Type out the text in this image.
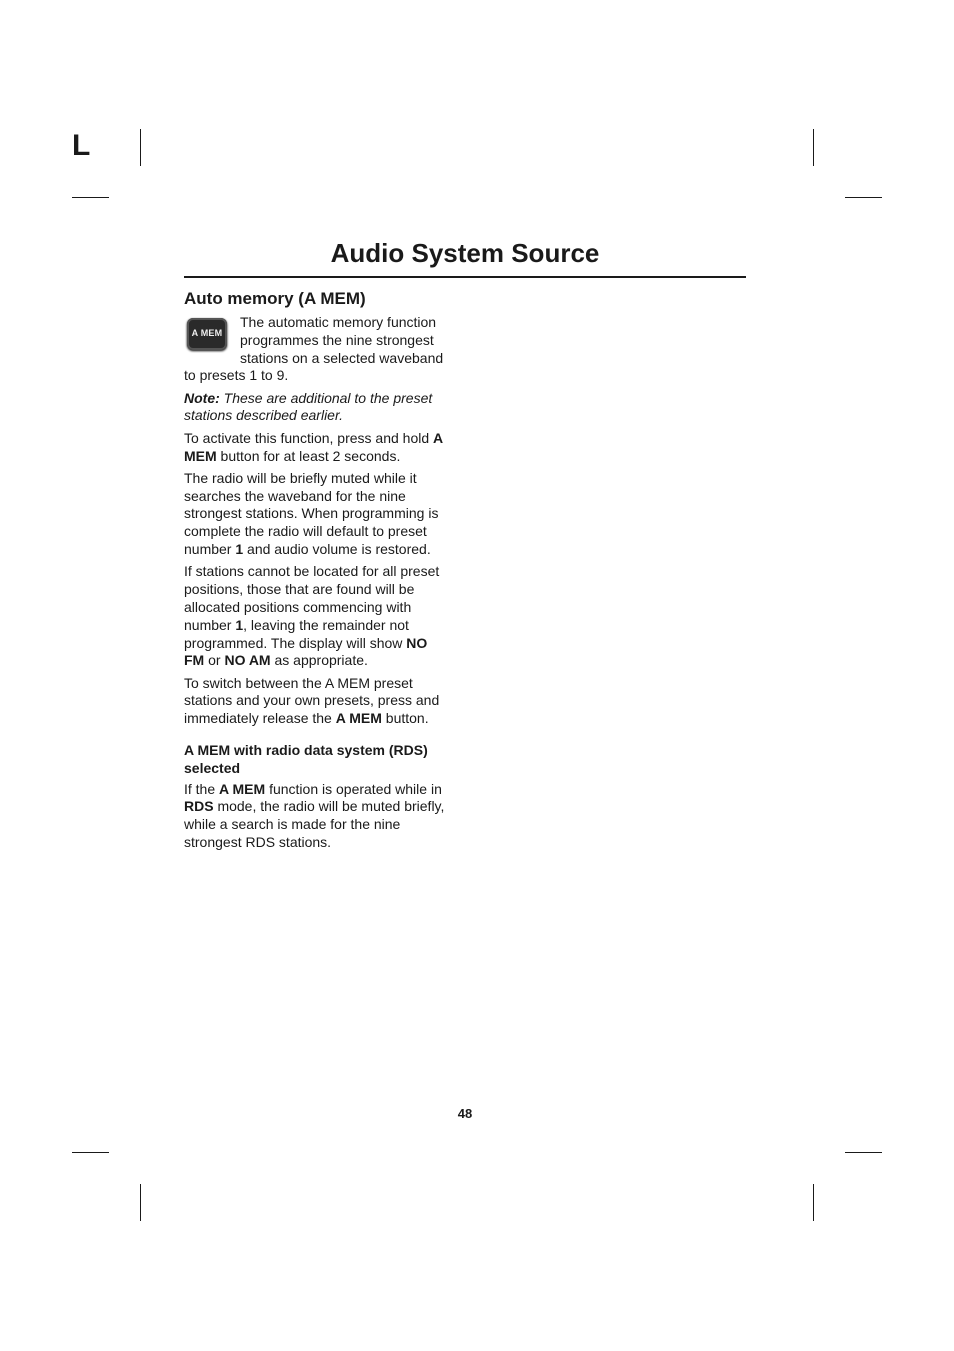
L
Audio System Source
Auto memory (A MEM)

A MEM
The automatic memory function programmes the nine strongest stations on a selected waveband to presets 1 to 9.

Note: These are additional to the preset stations described earlier.

To activate this function, press and hold A MEM button for at least 2 seconds.

The radio will be briefly muted while it searches the waveband for the nine strongest stations. When programming is complete the radio will default to preset number 1 and audio volume is restored.

If stations cannot be located for all preset positions, those that are found will be allocated positions commencing with number 1, leaving the remainder not programmed. The display will show NO FM or NO AM as appropriate.

To switch between the A MEM preset stations and your own presets, press and immediately release the A MEM button.

A MEM with radio data system (RDS) selected

If the A MEM function is operated while in RDS mode, the radio will be muted briefly, while a search is made for the nine strongest RDS stations.

48
